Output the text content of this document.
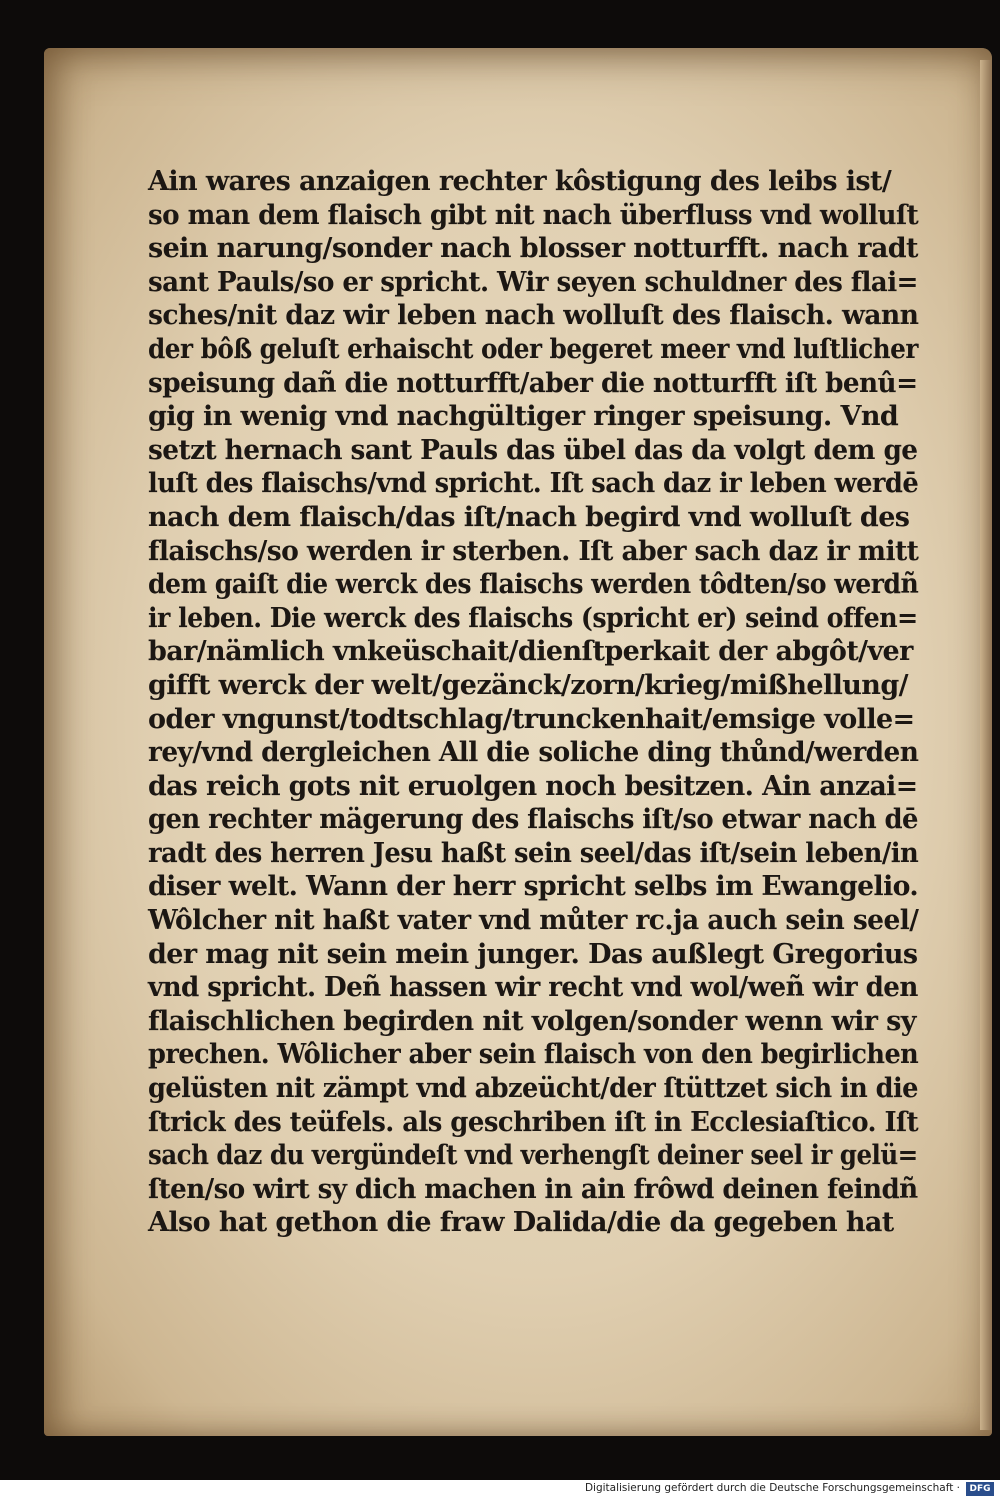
Ain wares anzaigen rechter kôstigung des leibs ist/
so man dem flaisch gibt nit nach überfluss vnd wolluſt
sein narung/sonder nach blosser notturfft. nach radt
sant Pauls/so er spricht. Wir seyen schuldner des flai=
sches/nit daz wir leben nach wolluſt des flaisch. wann
der bôß geluſt erhaischt oder begeret meer vnd luſtlicher
speisung dañ die notturfft/aber die notturfft iſt benû=
gig in wenig vnd nachgültiger ringer speisung. Vnd
setzt hernach sant Pauls das übel das da volgt dem ge
luſt des flaischs/vnd spricht. Iſt sach daz ir leben werdē
nach dem flaisch/das iſt/nach begird vnd wolluſt des
flaischs/so werden ir sterben. Iſt aber sach daz ir mitt
dem gaiſt die werck des flaischs werden tôdten/so werdñ
ir leben. Die werck des flaischs (spricht er) seind offen=
bar/nämlich vnkeüschait/dienſtperkait der abgôt/ver
gifft werck der welt/gezänck/zorn/krieg/mißhellung/
oder vngunst/todtschlag/trunckenhait/emsige volle=
rey/vnd dergleichen All die soliche ding thůnd/werden
das reich gots nit eruolgen noch besitzen. Ain anzai=
gen rechter mägerung des flaischs iſt/so etwar nach dē
radt des herren Jesu haßt sein seel/das iſt/sein leben/in
diser welt. Wann der herr spricht selbs im Ewangelio.
Wôlcher nit haßt vater vnd můter rc.ja auch sein seel/
der mag nit sein mein junger. Das außlegt Gregorius
vnd spricht. Deñ hassen wir recht vnd wol/weñ wir den
flaischlichen begirden nit volgen/sonder wenn wir sy
prechen. Wôlicher aber sein flaisch von den begirlichen
gelüsten nit zämpt vnd abzeücht/der ſtüttzet sich in die
ſtrick des teüfels. als geschriben iſt in Ecclesiaſtico. Iſt
sach daz du vergündeſt vnd verhengſt deiner seel ir gelü=
ſten/so wirt sy dich machen in ain frôwd deinen feindñ
Also hat gethon die fraw Dalida/die da gegeben hat
Digitalisierung gefördert durch die Deutsche Forschungsgemeinschaft ·	DFG
